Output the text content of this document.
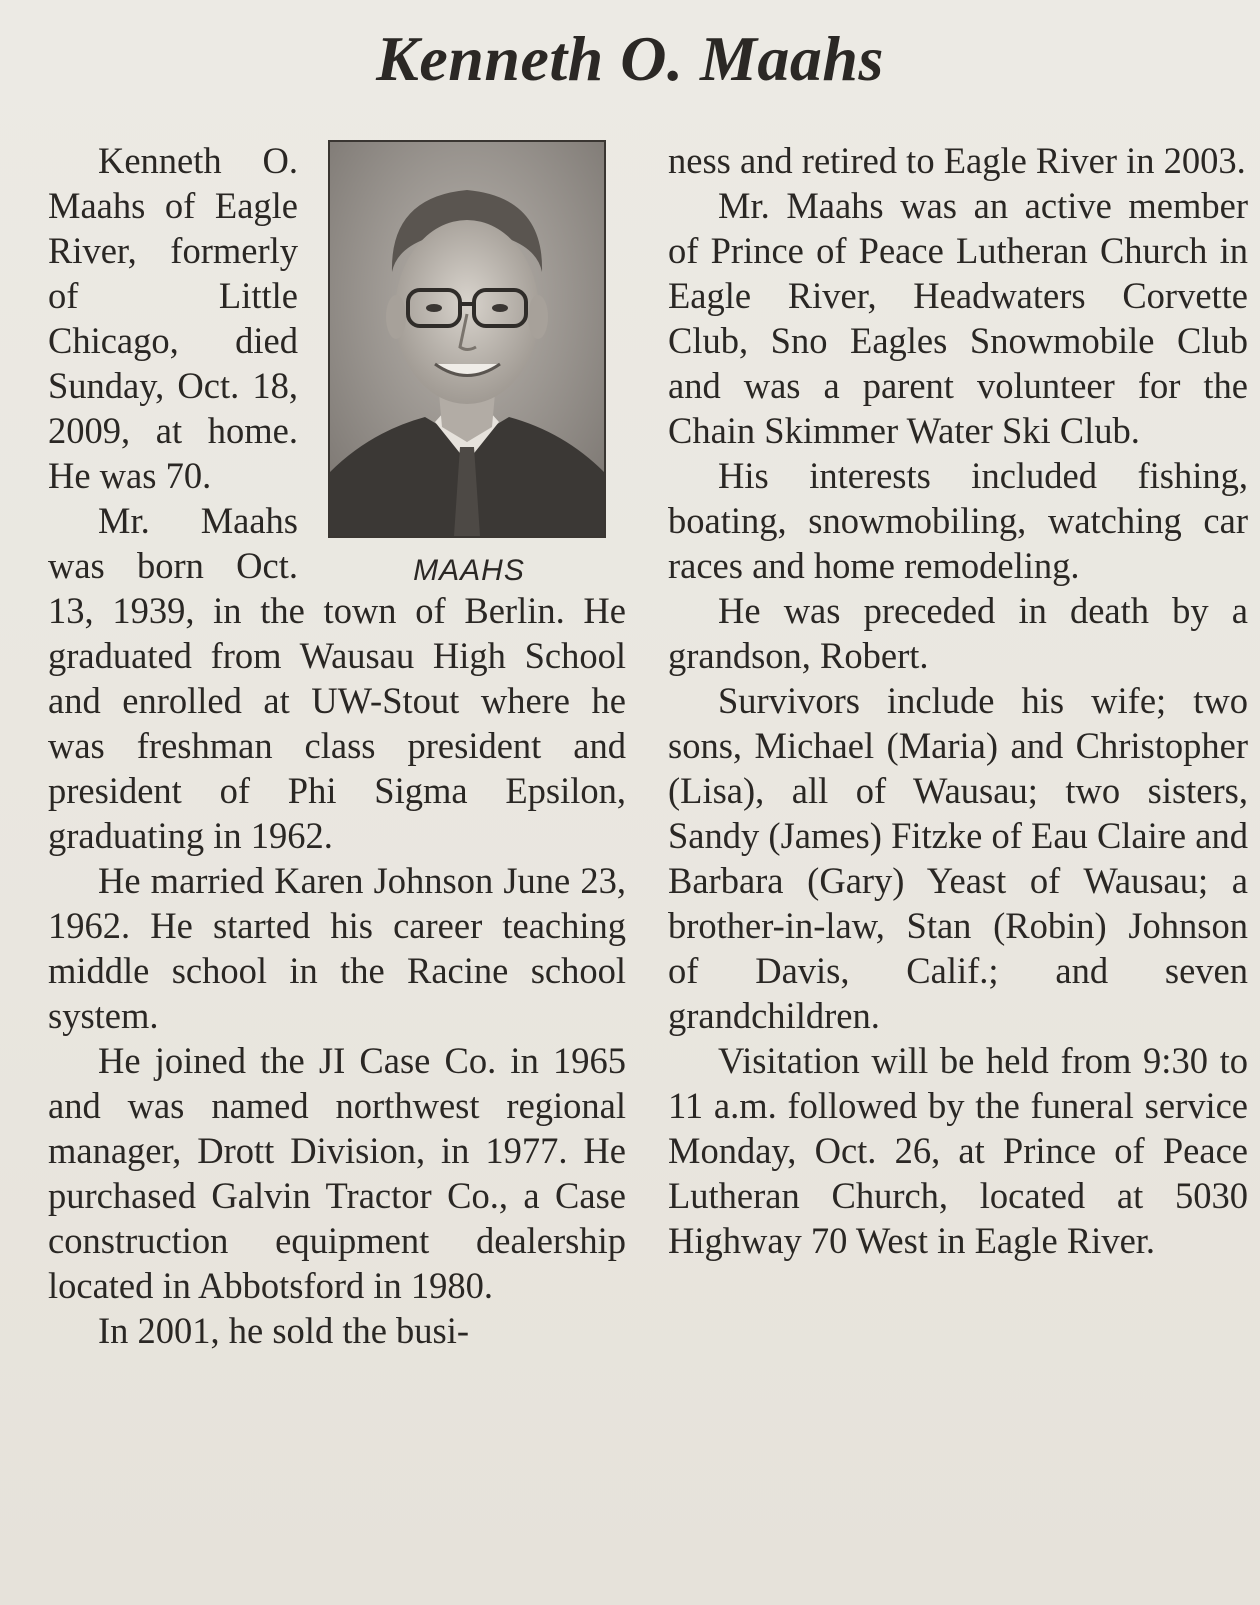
Kenneth O. Maahs
MAAHS

Kenneth O. Maahs of Eagle River, formerly of Little Chicago, died Sunday, Oct. 18, 2009, at home. He was 70.

Mr. Maahs was born Oct. 13, 1939, in the town of Berlin. He graduated from Wausau High School and enrolled at UW-Stout where he was freshman class president and president of Phi Sigma Epsilon, graduating in 1962.

He married Karen Johnson June 23, 1962. He started his career teaching middle school in the Racine school system.

He joined the JI Case Co. in 1965 and was named northwest regional manager, Drott Division, in 1977. He purchased Galvin Tractor Co., a Case construction equipment dealership located in Abbotsford in 1980.

In 2001, he sold the busi-

ness and retired to Eagle River in 2003.

Mr. Maahs was an active member of Prince of Peace Lutheran Church in Eagle River, Headwaters Corvette Club, Sno Eagles Snowmobile Club and was a parent volunteer for the Chain Skimmer Water Ski Club.

His interests included fishing, boating, snowmobiling, watching car races and home remodeling.

He was preceded in death by a grandson, Robert.

Survivors include his wife; two sons, Michael (Maria) and Christopher (Lisa), all of Wausau; two sisters, Sandy (James) Fitzke of Eau Claire and Barbara (Gary) Yeast of Wausau; a brother-in-law, Stan (Robin) Johnson of Davis, Calif.; and seven grandchildren.

Visitation will be held from 9:30 to 11 a.m. followed by the funeral service Monday, Oct. 26, at Prince of Peace Lutheran Church, located at 5030 Highway 70 West in Eagle River.
